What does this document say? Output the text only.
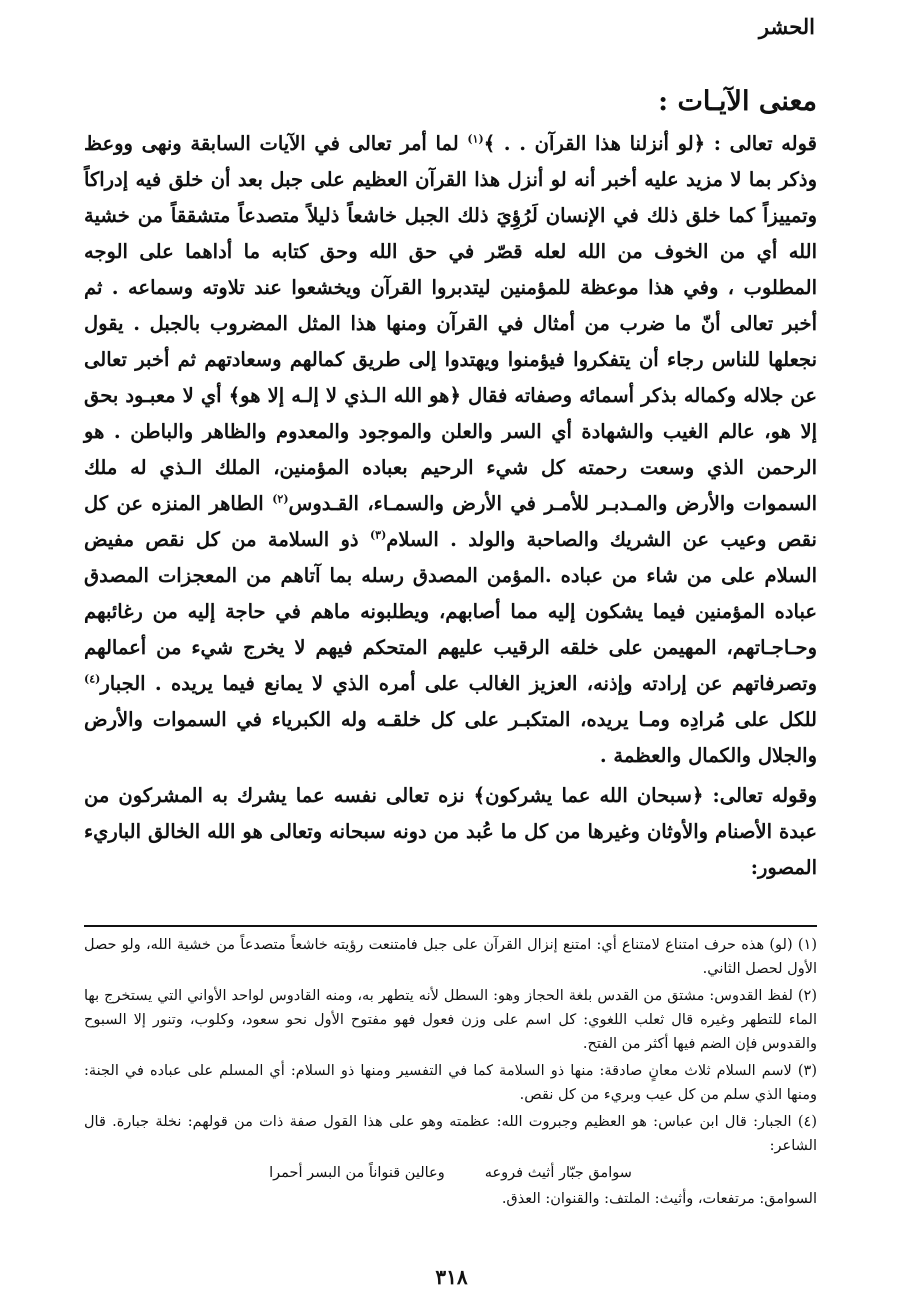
الحشر
معنى الآيـات :

قوله تعالى : ﴿لو أنزلنا هذا القرآن . . ﴾$^{(١)}$ لما أمر تعالى في الآيات السابقة ونهى ووعظ وذكر بما لا مزيد عليه أخبر أنه لو أنزل هذا القرآن العظيم على جبل بعد أن خلق فيه إدراكاً وتمييزاً كما خلق ذلك في الإنسان لَرُؤِيَ ذلك الجبل خاشعاً ذليلاً متصدعاً متشققاً من خشية الله أي من الخوف من الله لعله قصّر في حق الله وحق كتابه ما أداهما على الوجه المطلوب ، وفي هذا موعظة للمؤمنين ليتدبروا القرآن ويخشعوا عند تلاوته وسماعه . ثم أخبر تعالى أنّ ما ضرب من أمثال في القرآن ومنها هذا المثل المضروب بالجبل . يقول نجعلها للناس رجاء أن يتفكروا فيؤمنوا ويهتدوا إلى طريق كمالهم وسعادتهم ثم أخبر تعالى عن جلاله وكماله بذكر أسمائه وصفاته فقال ﴿هو الله الـذي لا إلـه إلا هو﴾ أي لا معبـود بحق إلا هو، عالم الغيب والشهادة أي السر والعلن والموجود والمعدوم والظاهر والباطن . هو الرحمن الذي وسعت رحمته كل شيء الرحيم بعباده المؤمنين، الملك الـذي له ملك السموات والأرض والمـدبـر للأمـر في الأرض والسمـاء، القـدوس$^{(٢)}$ الطاهر المنزه عن كل نقص وعيب عن الشريك والصاحبة والولد . السلام$^{(٣)}$ ذو السلامة من كل نقص مفيض السلام على من شاء من عباده .المؤمن المصدق رسله بما آتاهم من المعجزات المصدق عباده المؤمنين فيما يشكون إليه مما أصابهم، ويطلبونه ماهم في حاجة إليه من رغائبهم وحـاجـاتهم، المهيمن على خلقه الرقيب عليهم المتحكم فيهم لا يخرج شيء من أعمالهم وتصرفاتهم عن إرادته وإذنه، العزيز الغالب على أمره الذي لا يمانع فيما يريده . الجبار$^{(٤)}$ للكل على مُرادِه ومـا يريده، المتكبـر على كل خلقـه وله الكبرياء في السموات والأرض والجلال والكمال والعظمة .

وقوله تعالى: ﴿سبحان الله عما يشركون﴾ نزه تعالى نفسه عما يشرك به المشركون من عبدة الأصنام والأوثان وغيرها من كل ما عُبد من دونه سبحانه وتعالى هو الله الخالق الباريء المصور:

(١) (لو) هذه حرف امتناع لامتناع أي: امتنع إنزال القرآن على جبل فامتنعت رؤيته خاشعاً متصدعاً من خشية الله، ولو حصل الأول لحصل الثاني.

(٢) لفظ القدوس: مشتق من القدس بلغة الحجاز وهو: السطل لأنه يتطهر به، ومنه القادوس لواحد الأواني التي يستخرج بها الماء للتطهر وغيره قال ثعلب اللغوي: كل اسم على وزن فعول فهو مفتوح الأول نحو سعود، وكلوب، وتنور إلا السبوح والقدوس فإن الضم فيها أكثر من الفتح.

(٣) لاسم السلام ثلاث معانٍ صادقة: منها ذو السلامة كما في التفسير ومنها ذو السلام: أي المسلم على عباده في الجنة: ومنها الذي سلم من كل عيب وبريء من كل نقص.

(٤) الجبار: قال ابن عباس: هو العظيم وجبروت الله: عظمته وهو على هذا القول صفة ذات من قولهم: نخلة جبارة. قال الشاعر:

سوامق جبّار أثيث فروعه
وعالين قنواناً من البسر أحمرا

السوامق: مرتفعات، وأثيث: الملتف: والقنوان: العذق.

٣١٨
